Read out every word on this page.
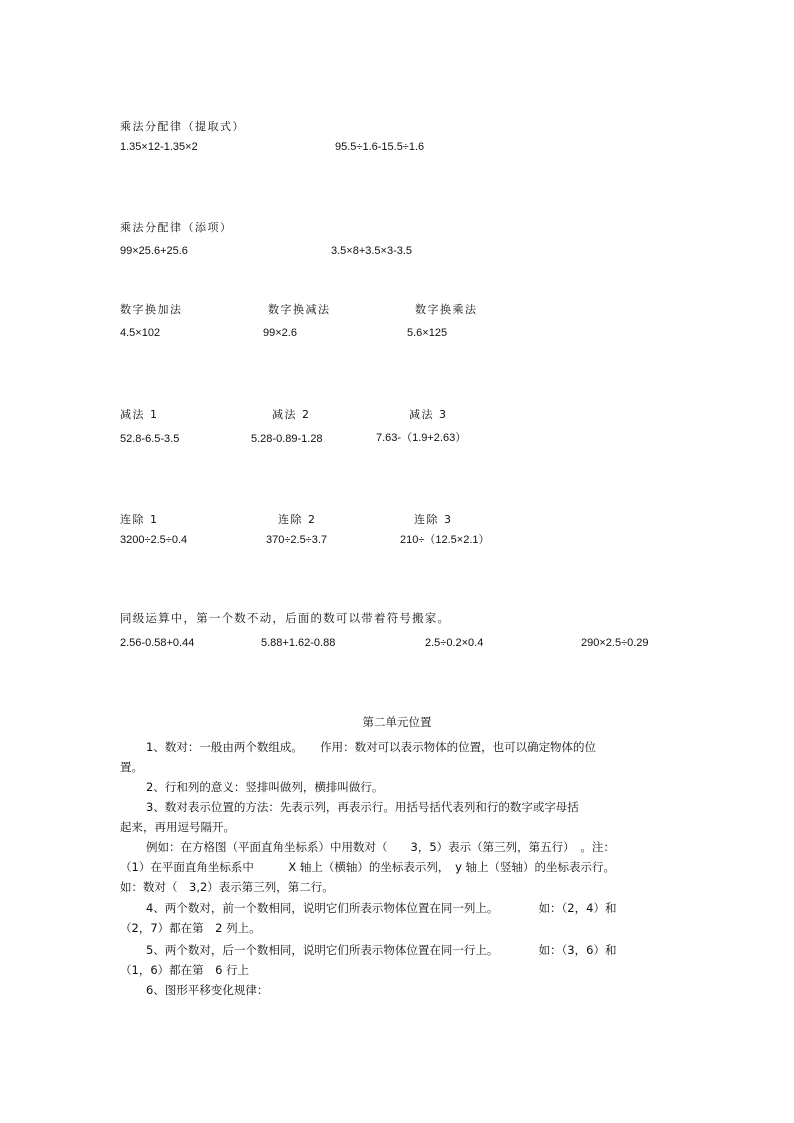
乘法分配律（提取式）
1.35×12-1.35×2	95.5÷1.6-15.5÷1.6
乘法分配律（添项）
99×25.6+25.6	3.5×8+3.5×3-3.5
数字换加法	数字换减法	数字换乘法
4.5×102	99×2.6	5.6×125
减法 1	减法 2	减法 3
52.8-6.5-3.5	5.28-0.89-1.28	7.63-（1.9+2.63）
连除 1	连除 2	连除 3
3200÷2.5÷0.4	370÷2.5÷3.7	210÷（12.5×2.1）
同级运算中，第一个数不动，后面的数可以带着符号搬家。
2.56-0.58+0.44	5.88+1.62-0.88	2.5÷0.2×0.4	290×2.5÷0.29
第二单元位置
1、数对：一般由两个数组成。　　作用：数对可以表示物体的位置，也可以确定物体的位
置。
2、行和列的意义：竖排叫做列，横排叫做行。
3、数对表示位置的方法：先表示列，再表示行。用括号括代表列和行的数字或字母括
起来，再用逗号隔开。
例如：在方格图（平面直角坐标系）中用数对（　　3，5）表示（第三列，第五行）　。注：
（1）在平面直角坐标系中　　　X 轴上（横轴）的坐标表示列，　y 轴上（竖轴）的坐标表示行。
如：数对（　3,2）表示第三列，第二行。
4、两个数对，前一个数相同，说明它们所表示物体位置在同一列上。　　　　如：（2，4）和
（2，7）都在第　2 列上。
5、两个数对，后一个数相同，说明它们所表示物体位置在同一行上。　　　　如：（3，6）和
（1，6）都在第　6 行上
6、图形平移变化规律：
